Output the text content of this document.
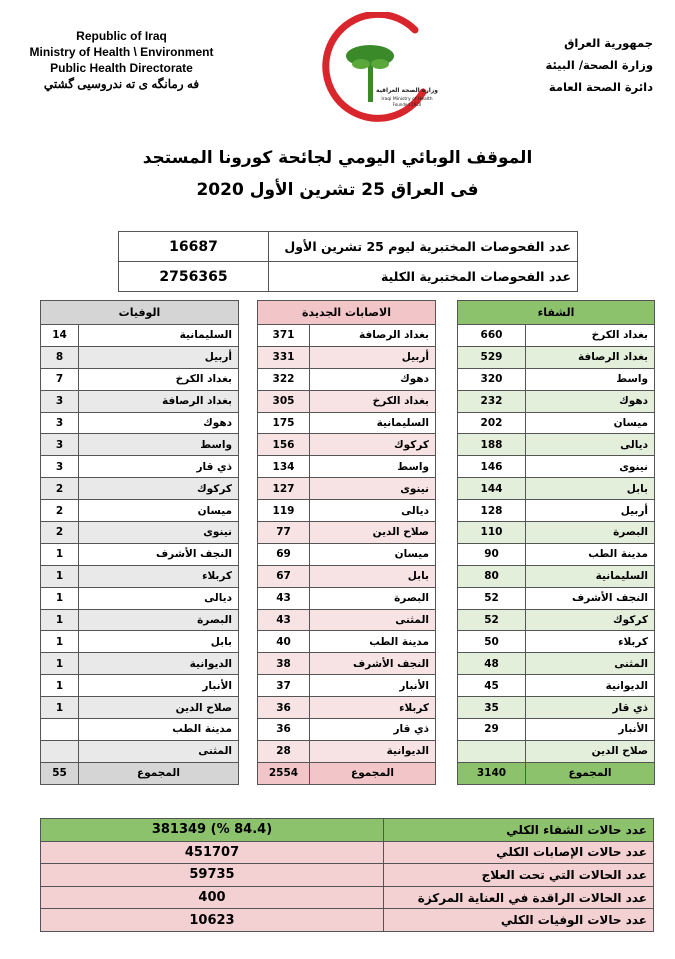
Republic of Iraq
Ministry of Health \ Environment
Public Health Directorate
فه رمانگه ى ته ندروسيى گشتي	وزارة الصحة العراقية
Iraqi Ministry of Health
Founded 1920
جمهورية العراق
وزارة الصحة/ البيئة
دائرة الصحة العامة
الموقف الوبائي اليومي لجائحة كورونا المستجد
فى العراق 25 تشرين الأول 2020
عدد الفحوصات المختبرية ليوم 25 تشرين الأول	16687
عدد الفحوصات المختبرية الكلية	2756365
الشفاء	
بغداد الكرخ	660
بغداد الرصافة	529
واسط	320
دهوك	232
ميسان	202
ديالى	188
نينوى	146
بابل	144
أربيل	128
البصرة	110
مدينة الطب	90
السليمانية	80
النجف الأشرف	52
كركوك	52
كربلاء	50
المثنى	48
الديوانية	45
ذي قار	35
الأنبار	29
صلاح الدين	
المجموع	3140
الاصابات الجديدة	
بغداد الرصافة	371
أربيل	331
دهوك	322
بغداد الكرخ	305
السليمانية	175
كركوك	156
واسط	134
نينوى	127
ديالى	119
صلاح الدين	77
ميسان	69
بابل	67
البصرة	43
المثنى	43
مدينة الطب	40
النجف الأشرف	38
الأنبار	37
كربلاء	36
ذي قار	36
الديوانية	28
المجموع	2554
الوفيات	
السليمانية	14
أربيل	8
بغداد الكرخ	7
بغداد الرصافة	3
دهوك	3
واسط	3
ذي قار	3
كركوك	2
ميسان	2
نينوى	2
النجف الأشرف	1
كربلاء	1
ديالى	1
البصرة	1
بابل	1
الديوانية	1
الأنبار	1
صلاح الدين	1
مدينة الطب	
المثنى	
المجموع	55
عدد حالات الشفاء الكلي	(84.4 %) 381349
عدد حالات الإصابات الكلي	451707
عدد الحالات التي تحت العلاج	59735
عدد الحالات الراقدة في العناية المركزة	400
عدد حالات الوفيات الكلي	10623
